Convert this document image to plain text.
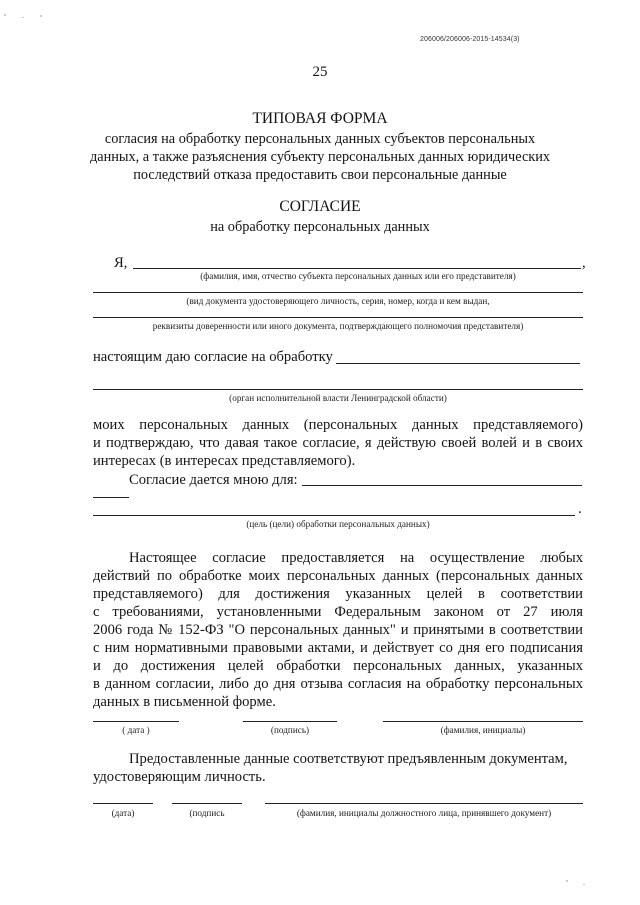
206006/206006-2015-14534(3)
25
ТИПОВАЯ ФОРМА
согласия на обработку персональных данных субъектов персональных
данных, а также разъяснения субъекту персональных данных юридических
последствий отказа предоставить свои персональные данные
СОГЛАСИЕ
на обработку персональных данных
Я,	,
(фамилия, имя, отчество субъекта персональных данных или его представителя)
(вид документа удостоверяющего личность, серия, номер, когда и кем выдан,
реквизиты доверенности или иного документа, подтверждающего полномочия представителя)
настоящим даю согласие на обработку
(орган исполнительной власти Ленинградской области)
моих персональных данных (персональных данных представляемого)
и подтверждаю, что давая такое согласие, я действую своей волей и в своих
интересах (в интересах представляемого).
Согласие дается мною для:
.
(цель (цели) обработки персональных данных)
Настоящее согласие предоставляется на осуществление любых
действий по обработке моих персональных данных (персональных данных
представляемого) для достижения указанных целей в соответствии
с требованиями, установленными Федеральным законом от 27 июля
2006 года № 152-ФЗ "О персональных данных" и принятыми в соответствии
с ним нормативными правовыми актами, и действует со дня его подписания
и до достижения целей обработки персональных данных, указанных
в данном согласии, либо до дня отзыва согласия на обработку персональных
данных в письменной форме.
( дата )	(подпись)	(фамилия, инициалы)
Предоставленные данные соответствуют предъявленным документам,
удостоверяющим личность.
(дата)	(подпись	(фамилия, инициалы должностного лица, принявшего документ)
